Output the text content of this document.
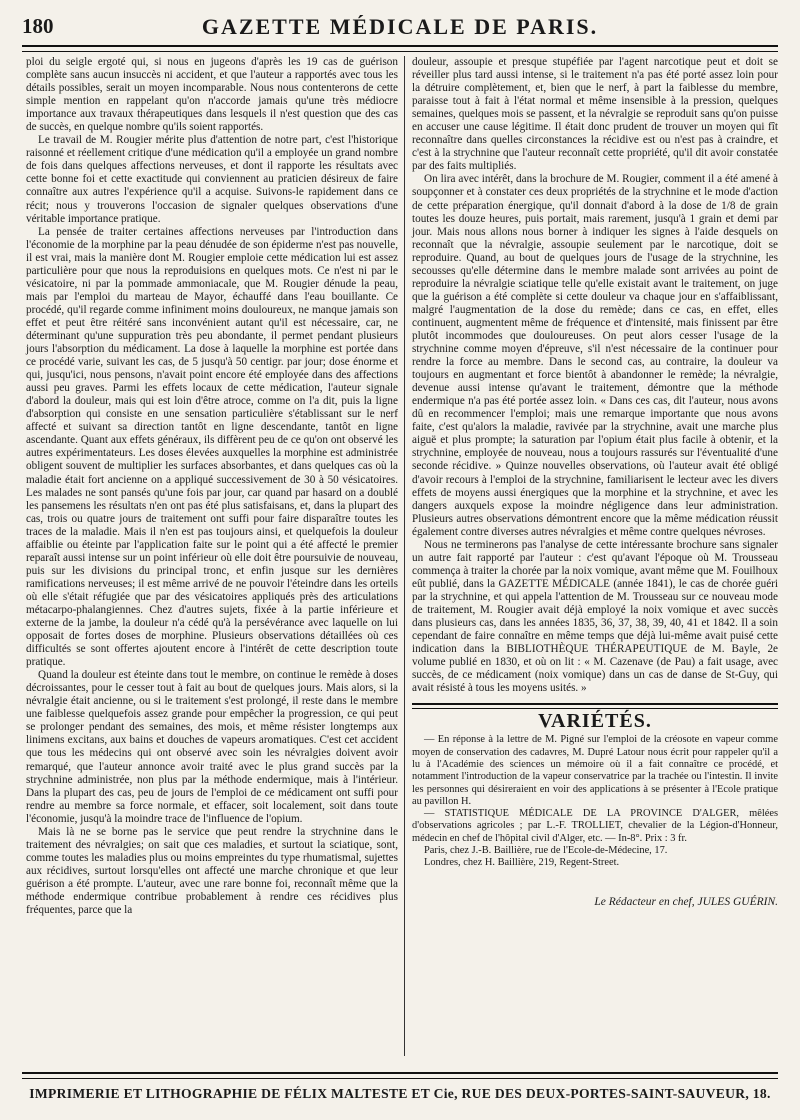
180	GAZETTE MÉDICALE DE PARIS.

ploi du seigle ergoté qui, si nous en jugeons d'après les 19 cas de guérison complète sans aucun insuccès ni accident, et que l'auteur a rapportés avec tous les détails possibles, serait un moyen incomparable. Nous nous contenterons de cette simple mention en rappelant qu'on n'accorde jamais qu'une très médiocre importance aux travaux thérapeutiques dans lesquels il n'est question que des cas de succès, en quelque nombre qu'ils soient rapportés.

Le travail de M. Rougier mérite plus d'attention de notre part, c'est l'historique raisonné et réellement critique d'une médication qu'il a employée un grand nombre de fois dans quelques affections nerveuses, et dont il rapporte les résultats avec cette bonne foi et cette exactitude qui conviennent au praticien désireux de faire connaître aux autres l'expérience qu'il a acquise. Suivons-le rapidement dans ce récit; nous y trouverons l'occasion de signaler quelques observations d'une véritable importance pratique.

La pensée de traiter certaines affections nerveuses par l'introduction dans l'économie de la morphine par la peau dénudée de son épiderme n'est pas nouvelle, il est vrai, mais la manière dont M. Rougier emploie cette médication lui est assez particulière pour que nous la reproduisions en quelques mots. Ce n'est ni par le vésicatoire, ni par la pommade ammoniacale, que M. Rougier dénude la peau, mais par l'emploi du marteau de Mayor, échauffé dans l'eau bouillante. Ce procédé, qu'il regarde comme infiniment moins douloureux, ne manque jamais son effet et peut être réitéré sans inconvénient autant qu'il est nécessaire, car, ne déterminant qu'une suppuration très peu abondante, il permet pendant plusieurs jours l'absorption du médicament. La dose à laquelle la morphine est portée dans ce procédé varie, suivant les cas, de 5 jusqu'à 50 centigr. par jour; dose énorme et qui, jusqu'ici, nous pensons, n'avait point encore été employée dans des affections aussi peu graves. Parmi les effets locaux de cette médication, l'auteur signale d'abord la douleur, mais qui est loin d'être atroce, comme on l'a dit, puis la ligne d'absorption qui consiste en une sensation particulière s'établissant sur le nerf affecté et suivant sa direction tantôt en ligne descendante, tantôt en ligne ascendante. Quant aux effets généraux, ils diffèrent peu de ce qu'on ont observé les autres expérimentateurs. Les doses élevées auxquelles la morphine est administrée obligent souvent de multiplier les surfaces absorbantes, et dans quelques cas où la maladie était fort ancienne on a appliqué successivement de 30 à 50 vésicatoires. Les malades ne sont pansés qu'une fois par jour, car quand par hasard on a doublé les pansemens les résultats n'en ont pas été plus satisfaisans, et, dans la plupart des cas, trois ou quatre jours de traitement ont suffi pour faire disparaître toutes les traces de la maladie. Mais il n'en est pas toujours ainsi, et quelquefois la douleur affaiblie ou éteinte par l'application faite sur le point qui a été affecté le premier reparaît aussi intense sur un point inférieur où elle doit être poursuivie de nouveau, puis sur les divisions du principal tronc, et enfin jusque sur les dernières ramifications nerveuses; il est même arrivé de ne pouvoir l'éteindre dans les orteils où elle s'était réfugiée que par des vésicatoires appliqués près des articulations métacarpo-phalangiennes. Chez d'autres sujets, fixée à la partie inférieure et externe de la jambe, la douleur n'a cédé qu'à la persévérance avec laquelle on lui opposait de fortes doses de morphine. Plusieurs observations détaillées où ces difficultés se sont offertes ajoutent encore à l'intérêt de cette description toute pratique.

Quand la douleur est éteinte dans tout le membre, on continue le remède à doses décroissantes, pour le cesser tout à fait au bout de quelques jours. Mais alors, si la névralgie était ancienne, ou si le traitement s'est prolongé, il reste dans le membre une faiblesse quelquefois assez grande pour empêcher la progression, ce qui peut se prolonger pendant des semaines, des mois, et même résister longtemps aux linimens excitans, aux bains et douches de vapeurs aromatiques. C'est cet accident que tous les médecins qui ont observé avec soin les névralgies doivent avoir remarqué, que l'auteur annonce avoir traité avec le plus grand succès par la strychnine administrée, non plus par la méthode endermique, mais à l'intérieur. Dans la plupart des cas, peu de jours de l'emploi de ce médicament ont suffi pour rendre au membre sa force normale, et effacer, soit localement, soit dans toute l'économie, jusqu'à la moindre trace de l'influence de l'opium.

Mais là ne se borne pas le service que peut rendre la strychnine dans le traitement des névralgies; on sait que ces maladies, et surtout la sciatique, sont, comme toutes les maladies plus ou moins empreintes du type rhumatismal, sujettes aux récidives, surtout lorsqu'elles ont affecté une marche chronique et que leur guérison a été prompte. L'auteur, avec une rare bonne foi, reconnaît même que la méthode endermique contribue probablement à rendre ces récidives plus fréquentes, parce que la

douleur, assoupie et presque stupéfiée par l'agent narcotique peut et doit se réveiller plus tard aussi intense, si le traitement n'a pas été porté assez loin pour la détruire complètement, et, bien que le nerf, à part la faiblesse du membre, paraisse tout à fait à l'état normal et même insensible à la pression, quelques semaines, quelques mois se passent, et la névralgie se reproduit sans qu'on puisse en accuser une cause légitime. Il était donc prudent de trouver un moyen qui fît reconnaître dans quelles circonstances la récidive est ou n'est pas à craindre, et c'est à la strychnine que l'auteur reconnaît cette propriété, qu'il dit avoir constatée par des faits multipliés.

On lira avec intérêt, dans la brochure de M. Rougier, comment il a été amené à soupçonner et à constater ces deux propriétés de la strychnine et le mode d'action de cette préparation énergique, qu'il donnait d'abord à la dose de 1/8 de grain toutes les douze heures, puis portait, mais rarement, jusqu'à 1 grain et demi par jour. Mais nous allons nous borner à indiquer les signes à l'aide desquels on reconnaît que la névralgie, assoupie seulement par le narcotique, doit se reproduire. Quand, au bout de quelques jours de l'usage de la strychnine, les secousses qu'elle détermine dans le membre malade sont arrivées au point de reproduire la névralgie sciatique telle qu'elle existait avant le traitement, on juge que la guérison a été complète si cette douleur va chaque jour en s'affaiblissant, malgré l'augmentation de la dose du remède; dans ce cas, en effet, elles continuent, augmentent même de fréquence et d'intensité, mais finissent par être plutôt incommodes que douloureuses. On peut alors cesser l'usage de la strychnine comme moyen d'épreuve, s'il n'est nécessaire de la continuer pour rendre la force au membre. Dans le second cas, au contraire, la douleur va toujours en augmentant et force bientôt à abandonner le remède; la névralgie, devenue aussi intense qu'avant le traitement, démontre que la méthode endermique n'a pas été portée assez loin. « Dans ces cas, dit l'auteur, nous avons dû en recommencer l'emploi; mais une remarque importante que nous avons faite, c'est qu'alors la maladie, ravivée par la strychnine, avait une marche plus aiguë et plus prompte; la saturation par l'opium était plus facile à obtenir, et la strychnine, employée de nouveau, nous a toujours rassurés sur l'éventualité d'une seconde récidive. » Quinze nouvelles observations, où l'auteur avait été obligé d'avoir recours à l'emploi de la strychnine, familiarisent le lecteur avec les divers effets de moyens aussi énergiques que la morphine et la strychnine, et avec les dangers auxquels expose la moindre négligence dans leur administration. Plusieurs autres observations démontrent encore que la même médication réussit également contre diverses autres névralgies et même contre quelques névroses.

Nous ne terminerons pas l'analyse de cette intéressante brochure sans signaler un autre fait rapporté par l'auteur : c'est qu'avant l'époque où M. Trousseau commença à traiter la chorée par la noix vomique, avant même que M. Fouilhoux eût publié, dans la GAZETTE MÉDICALE (année 1841), le cas de chorée guéri par la strychnine, et qui appela l'attention de M. Trousseau sur ce nouveau mode de traitement, M. Rougier avait déjà employé la noix vomique et avec succès dans plusieurs cas, dans les années 1835, 36, 37, 38, 39, 40, 41 et 1842. Il a soin cependant de faire connaître en même temps que déjà lui-même avait puisé cette indication dans la BIBLIOTHÈQUE THÉRAPEUTIQUE de M. Bayle, 2e volume publié en 1830, et où on lit : « M. Cazenave (de Pau) a fait usage, avec succès, de ce médicament (noix vomique) dans un cas de danse de St-Guy, qui avait résisté à tous les moyens usités. »

VARIÉTÉS.

— En réponse à la lettre de M. Pigné sur l'emploi de la créosote en vapeur comme moyen de conservation des cadavres, M. Dupré Latour nous écrit pour rappeler qu'il a lu à l'Académie des sciences un mémoire où il a fait connaître ce procédé, et notamment l'introduction de la vapeur conservatrice par la trachée ou l'intestin. Il invite les personnes qui désireraient en voir des applications à se présenter à l'Ecole pratique au pavillon H.

— STATISTIQUE MÉDICALE DE LA PROVINCE D'ALGER, mêlées d'observations agricoles ; par L.-F. TROLLIET, chevalier de la Légion-d'Honneur, médecin en chef de l'hôpital civil d'Alger, etc. — In-8°. Prix : 3 fr.

Paris, chez J.-B. Baillière, rue de l'Ecole-de-Médecine, 17.

Londres, chez H. Baillière, 219, Regent-Street.

Le Rédacteur en chef, JULES GUÉRIN.
IMPRIMERIE ET LITHOGRAPHIE DE FÉLIX MALTESTE ET Cie, RUE DES DEUX-PORTES-SAINT-SAUVEUR, 18.
